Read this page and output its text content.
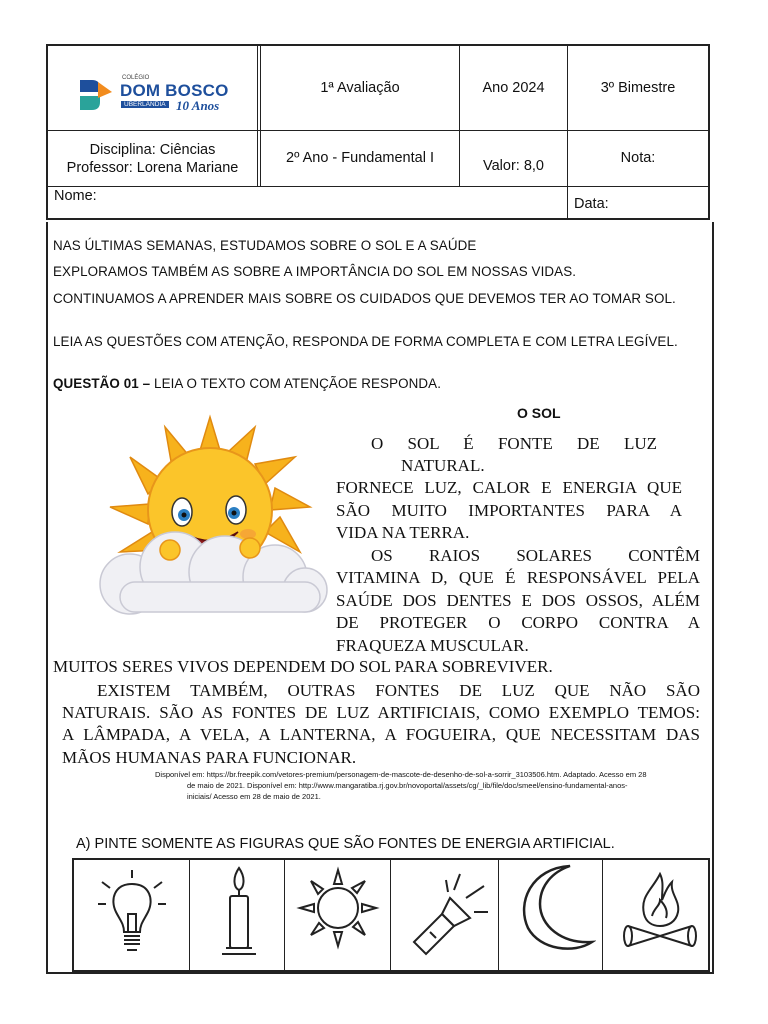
COLÉGIO
DOM BOSCO
UBERLÂNDIA 10 Anos
1ª Avaliação	Ano 2024	3º Bimestre
Disciplina: Ciências
Professor: Lorena Mariane
2º Ano - Fundamental I	Valor: 8,0	Nota:
Nome:	Data:
NAS ÚLTIMAS SEMANAS, ESTUDAMOS SOBRE O SOL E A SAÚDE
EXPLORAMOS TAMBÉM AS SOBRE A IMPORTÂNCIA DO SOL EM NOSSAS VIDAS.
CONTINUAMOS A APRENDER MAIS SOBRE OS CUIDADOS QUE DEVEMOS TER AO TOMAR SOL.
LEIA AS QUESTÕES COM ATENÇÃO, RESPONDA DE FORMA COMPLETA E COM LETRA LEGÍVEL.
QUESTÃO 01 – LEIA O TEXTO COM ATENÇÃOE RESPONDA.
O SOL
O SOL É FONTE DE LUZ
NATURAL.
FORNECE LUZ, CALOR E ENERGIA QUE
SÃO MUITO IMPORTANTES PARA A
VIDA NA TERRA.
OS RAIOS SOLARES CONTÊM
VITAMINA D, QUE É RESPONSÁVEL PELA
SAÚDE DOS DENTES E DOS OSSOS, ALÉM
DE PROTEGER O CORPO CONTRA A
FRAQUEZA MUSCULAR.
MUITOS SERES VIVOS DEPENDEM DO SOL PARA SOBREVIVER.
EXISTEM TAMBÉM, OUTRAS FONTES DE LUZ QUE NÃO SÃO
NATURAIS. SÃO AS FONTES DE LUZ ARTIFICIAIS, COMO EXEMPLO TEMOS:
A LÂMPADA, A VELA, A LANTERNA, A FOGUEIRA, QUE NECESSITAM DAS
MÃOS HUMANAS PARA FUNCIONAR.
Disponível em: https://br.freepik.com/vetores-premium/personagem-de-mascote-de-desenho-de-sol-a-sorrir_3103506.htm. Adaptado. Acesso em 28
de maio de 2021. Disponível em: http://www.mangaratiba.rj.gov.br/novoportal/assets/cg/_lib/file/doc/smeel/ensino-fundamental-anos-
iniciais/ Acesso em 28 de maio de 2021.
A) PINTE SOMENTE AS FIGURAS QUE SÃO FONTES DE ENERGIA ARTIFICIAL.
